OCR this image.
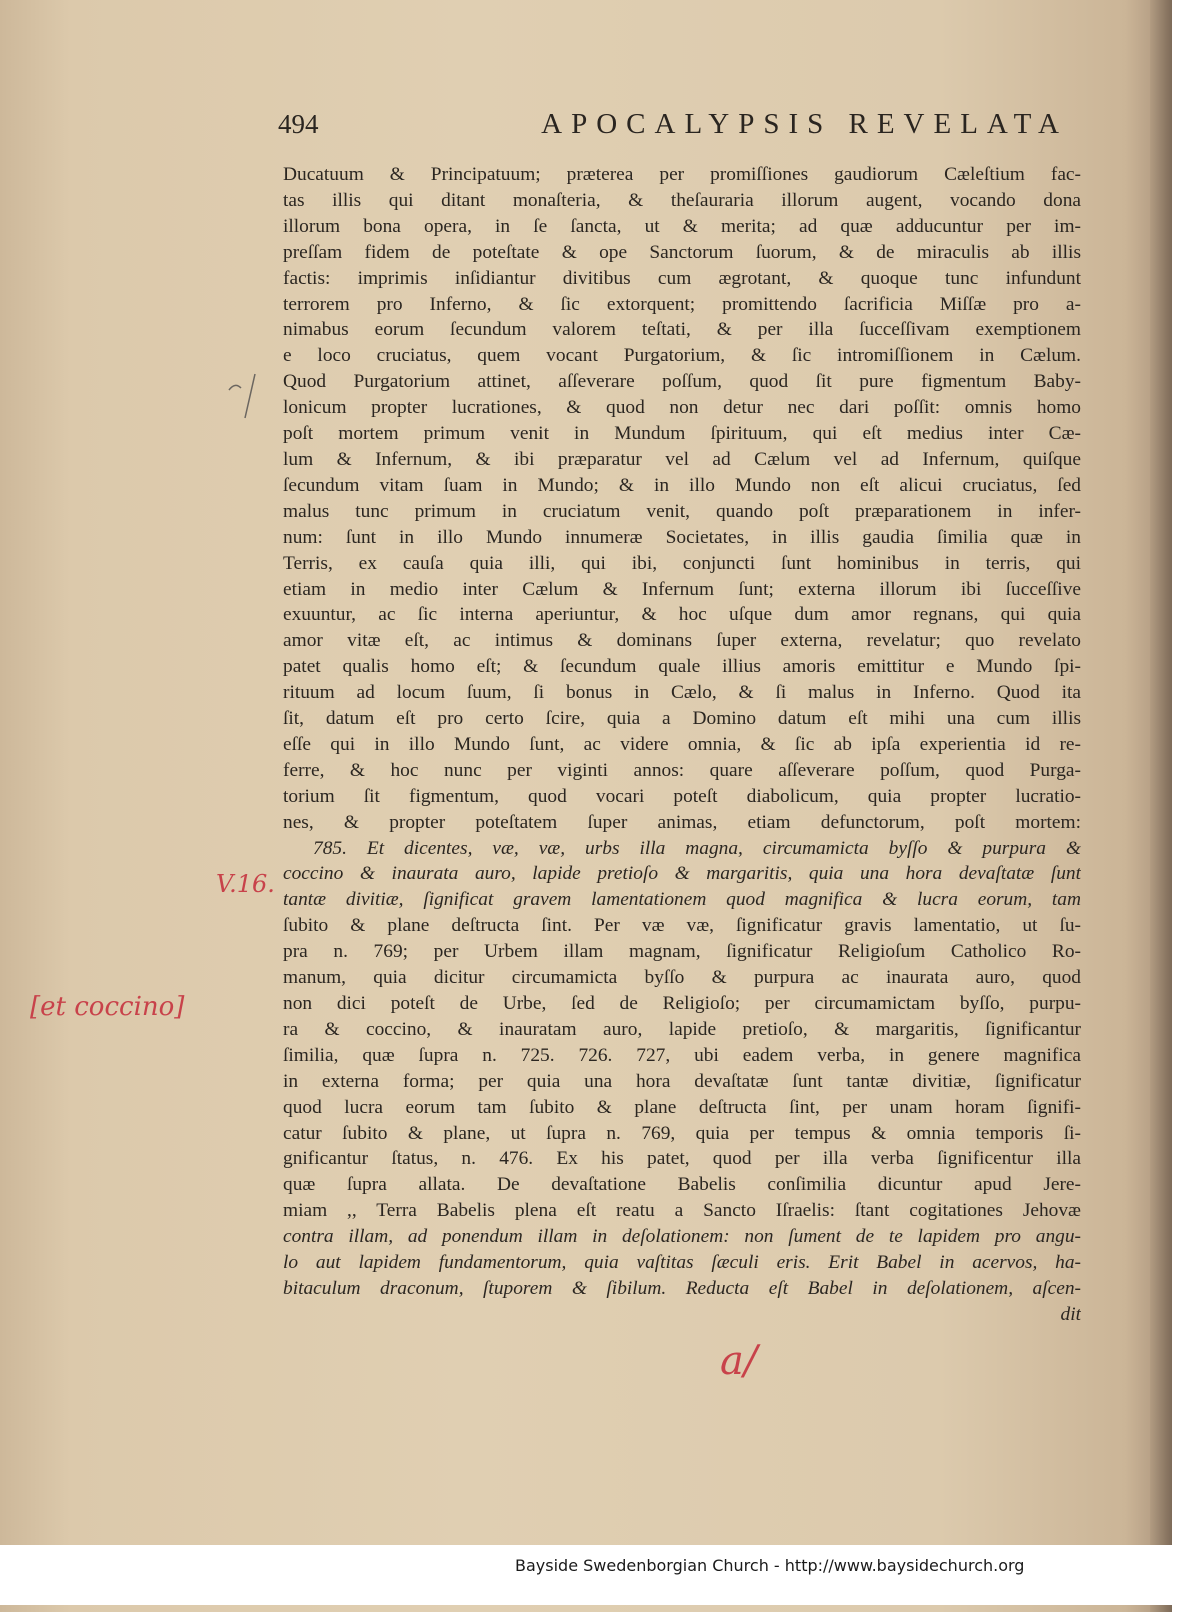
494	APOCALYPSIS REVELATA
Ducatuum & Principatuum; præterea per promiſſiones gaudiorum Cæleſtium fac-
tas illis qui ditant monaſteria, & theſauraria illorum augent, vocando dona
illorum bona opera, in ſe ſancta, ut & merita; ad quæ adducuntur per im-
preſſam fidem de poteſtate & ope Sanctorum ſuorum, & de miraculis ab illis
factis: imprimis inſidiantur divitibus cum ægrotant, & quoque tunc infundunt
terrorem pro Inferno, & ſic extorquent; promittendo ſacrificia Miſſæ pro a-
nimabus eorum ſecundum valorem teſtati, & per illa ſucceſſivam exemptionem
e loco cruciatus, quem vocant Purgatorium, & ſic intromiſſionem in Cælum.
Quod Purgatorium attinet, aſſeverare poſſum, quod ſit pure figmentum Baby-
lonicum propter lucrationes, & quod non detur nec dari poſſit: omnis homo
poſt mortem primum venit in Mundum ſpirituum, qui eſt medius inter Cæ-
lum & Infernum, & ibi præparatur vel ad Cælum vel ad Infernum, quiſque
ſecundum vitam ſuam in Mundo; & in illo Mundo non eſt alicui cruciatus, ſed
malus tunc primum in cruciatum venit, quando poſt præparationem in infer-
num: ſunt in illo Mundo innumeræ Societates, in illis gaudia ſimilia quæ in
Terris, ex cauſa quia illi, qui ibi, conjuncti ſunt hominibus in terris, qui
etiam in medio inter Cælum & Infernum ſunt; externa illorum ibi ſucceſſive
exuuntur, ac ſic interna aperiuntur, & hoc uſque dum amor regnans, qui quia
amor vitæ eſt, ac intimus & dominans ſuper externa, revelatur; quo revelato
patet qualis homo eſt; & ſecundum quale illius amoris emittitur e Mundo ſpi-
rituum ad locum ſuum, ſi bonus in Cælo, & ſi malus in Inferno. Quod ita
ſit, datum eſt pro certo ſcire, quia a Domino datum eſt mihi una cum illis
eſſe qui in illo Mundo ſunt, ac videre omnia, & ſic ab ipſa experientia id re-
ferre, & hoc nunc per viginti annos: quare aſſeverare poſſum, quod Purga-
torium ſit figmentum, quod vocari poteſt diabolicum, quia propter lucratio-
nes, & propter poteſtatem ſuper animas, etiam defunctorum, poſt mortem:
785. Et dicentes, væ, væ, urbs illa magna, circumamicta byſſo & purpura &
coccino & inaurata auro, lapide pretioſo & margaritis, quia una hora devaſtatæ ſunt
tantæ divitiæ, ſignificat gravem lamentationem quod magnifica & lucra eorum, tam
ſubito & plane deſtructa ſint. Per væ væ, ſignificatur gravis lamentatio, ut ſu-
pra n. 769; per Urbem illam magnam, ſignificatur Religioſum Catholico Ro-
manum, quia dicitur circumamicta byſſo & purpura ac inaurata auro, quod
non dici poteſt de Urbe, ſed de Religioſo; per circumamictam byſſo, purpu-
ra & coccino, & inauratam auro, lapide pretioſo, & margaritis, ſignificantur
ſimilia, quæ ſupra n. 725. 726. 727, ubi eadem verba, in genere magnifica
in externa forma; per quia una hora devaſtatæ ſunt tantæ divitiæ, ſignificatur
quod lucra eorum tam ſubito & plane deſtructa ſint, per unam horam ſignifi-
catur ſubito & plane, ut ſupra n. 769, quia per tempus & omnia temporis ſi-
gnificantur ſtatus, n. 476. Ex his patet, quod per illa verba ſignificentur illa
quæ ſupra allata. De devaſtatione Babelis conſimilia dicuntur apud Jere-
miam ,, Terra Babelis plena eſt reatu a Sancto Iſraelis: ſtant cogitationes Jehovæ
contra illam, ad ponendum illam in deſolationem: non ſument de te lapidem pro angu-
lo aut lapidem fundamentorum, quia vaſtitas ſæculi eris. Erit Babel in acervos, ha-
bitaculum draconum, ſtuporem & ſibilum. Reducta eſt Babel in deſolationem, aſcen-
dit
V.16.
[et coccino]
a/
Bayside Swedenborgian Church - http://www.baysidechurch.org
